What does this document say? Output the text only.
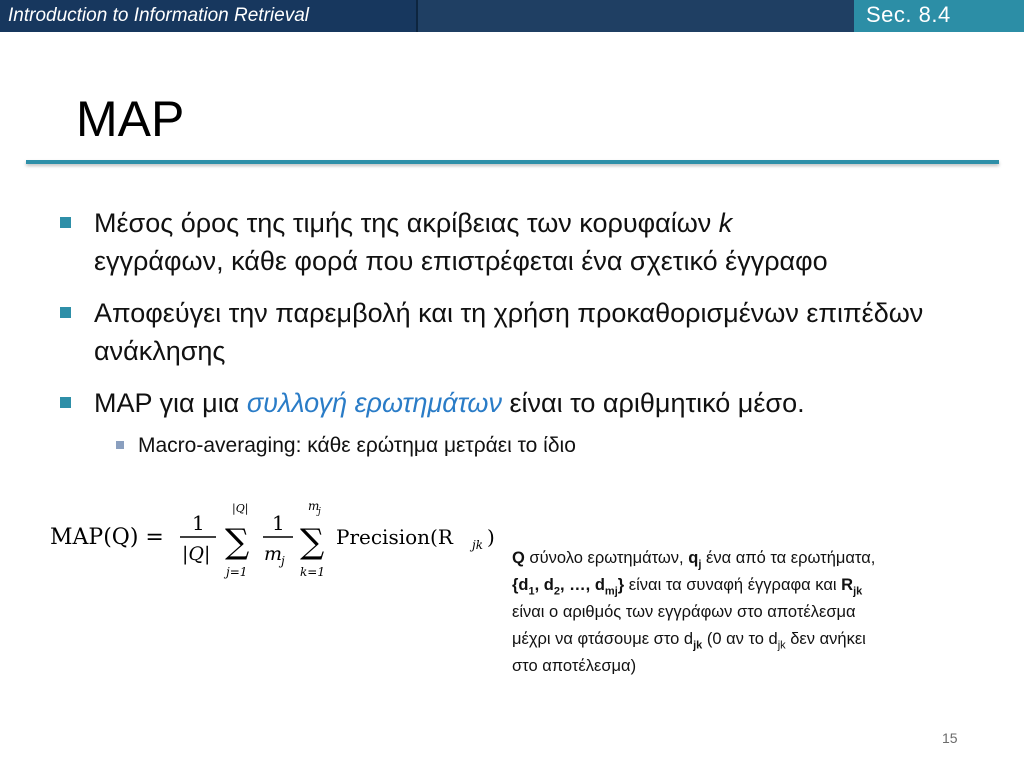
Introduction to Information Retrieval	Sec. 8.4
MAP
Μέσος όρος της τιμής της ακρίβειας των κορυφαίων k
εγγράφων, κάθε φορά που επιστρέφεται ένα σχετικό έγγραφο
Αποφεύγει την παρεμβολή και τη χρήση προκαθορισμένων επιπέδων ανάκλησης
MAP για μια συλλογή ερωτημάτων είναι το αριθμητικό μέσο.
Macro-averaging: κάθε ερώτημα μετράει το ίδιο
MAP(Q) =
1
|Q|
|Q|
∑
j=1
1
m
j
m
j
∑
k=1
Precision(R jk )
Q σύνολο ερωτημάτων, $q_j$ ένα από τα ερωτήματα,
{$d_1$, $d_2$, …, $d_{mj}$} είναι τα συναφή έγγραφα και $R_{jk}$
είναι ο αριθμός των εγγράφων στο αποτέλεσμα
μέχρι να φτάσουμε στο $d_{jk}$ (0 αν το $d_{jk}$ δεν ανήκει
στο αποτέλεσμα)
15
